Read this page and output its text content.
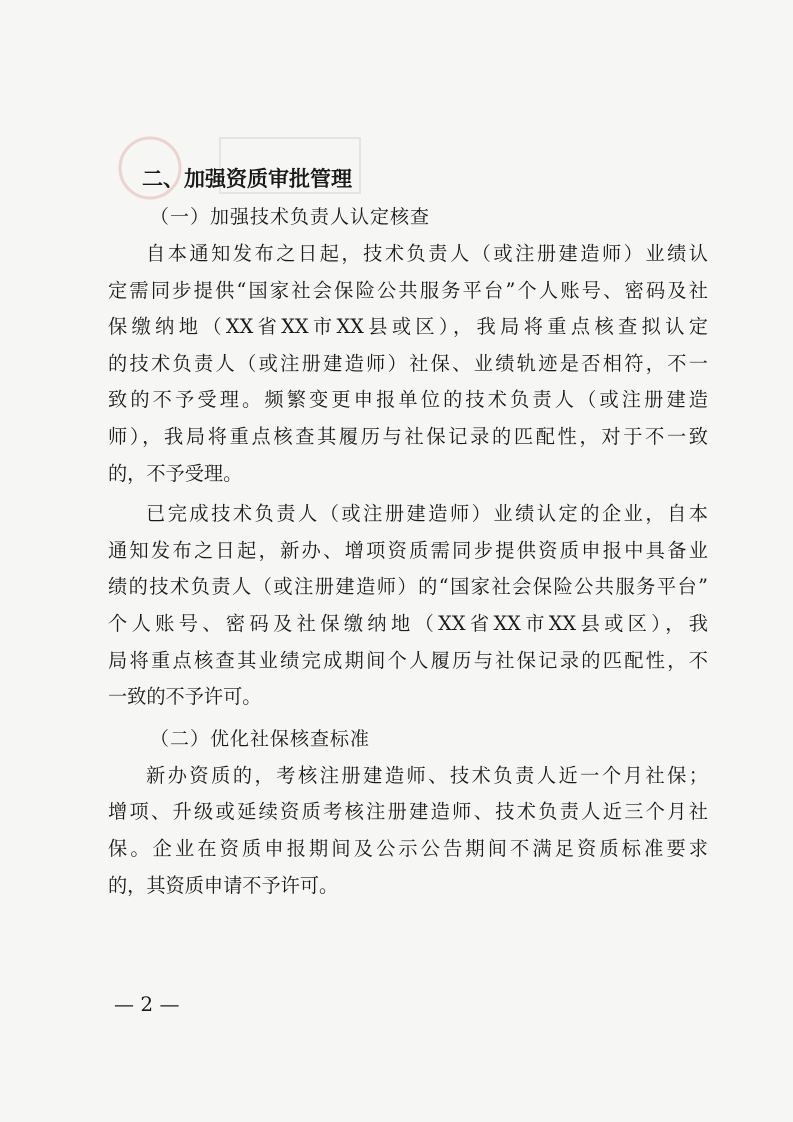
二、加强资质审批管理
（一）加强技术负责人认定核查
自本通知发布之日起，技术负责人（或注册建造师）业绩认
定需同步提供“国家社会保险公共服务平台”个人账号、密码及社
保缴纳地（XX省XX市XX县或区），我局将重点核查拟认定
的技术负责人（或注册建造师）社保、业绩轨迹是否相符，不一
致的不予受理。频繁变更申报单位的技术负责人（或注册建造
师），我局将重点核查其履历与社保记录的匹配性，对于不一致
的，不予受理。
已完成技术负责人（或注册建造师）业绩认定的企业，自本
通知发布之日起，新办、增项资质需同步提供资质申报中具备业
绩的技术负责人（或注册建造师）的“国家社会保险公共服务平台”
个人账号、密码及社保缴纳地（XX省XX市XX县或区），我
局将重点核查其业绩完成期间个人履历与社保记录的匹配性，不
一致的不予许可。
（二）优化社保核查标准
新办资质的，考核注册建造师、技术负责人近一个月社保；
增项、升级或延续资质考核注册建造师、技术负责人近三个月社
保。企业在资质申报期间及公示公告期间不满足资质标准要求
的，其资质申请不予许可。
— 2 —
